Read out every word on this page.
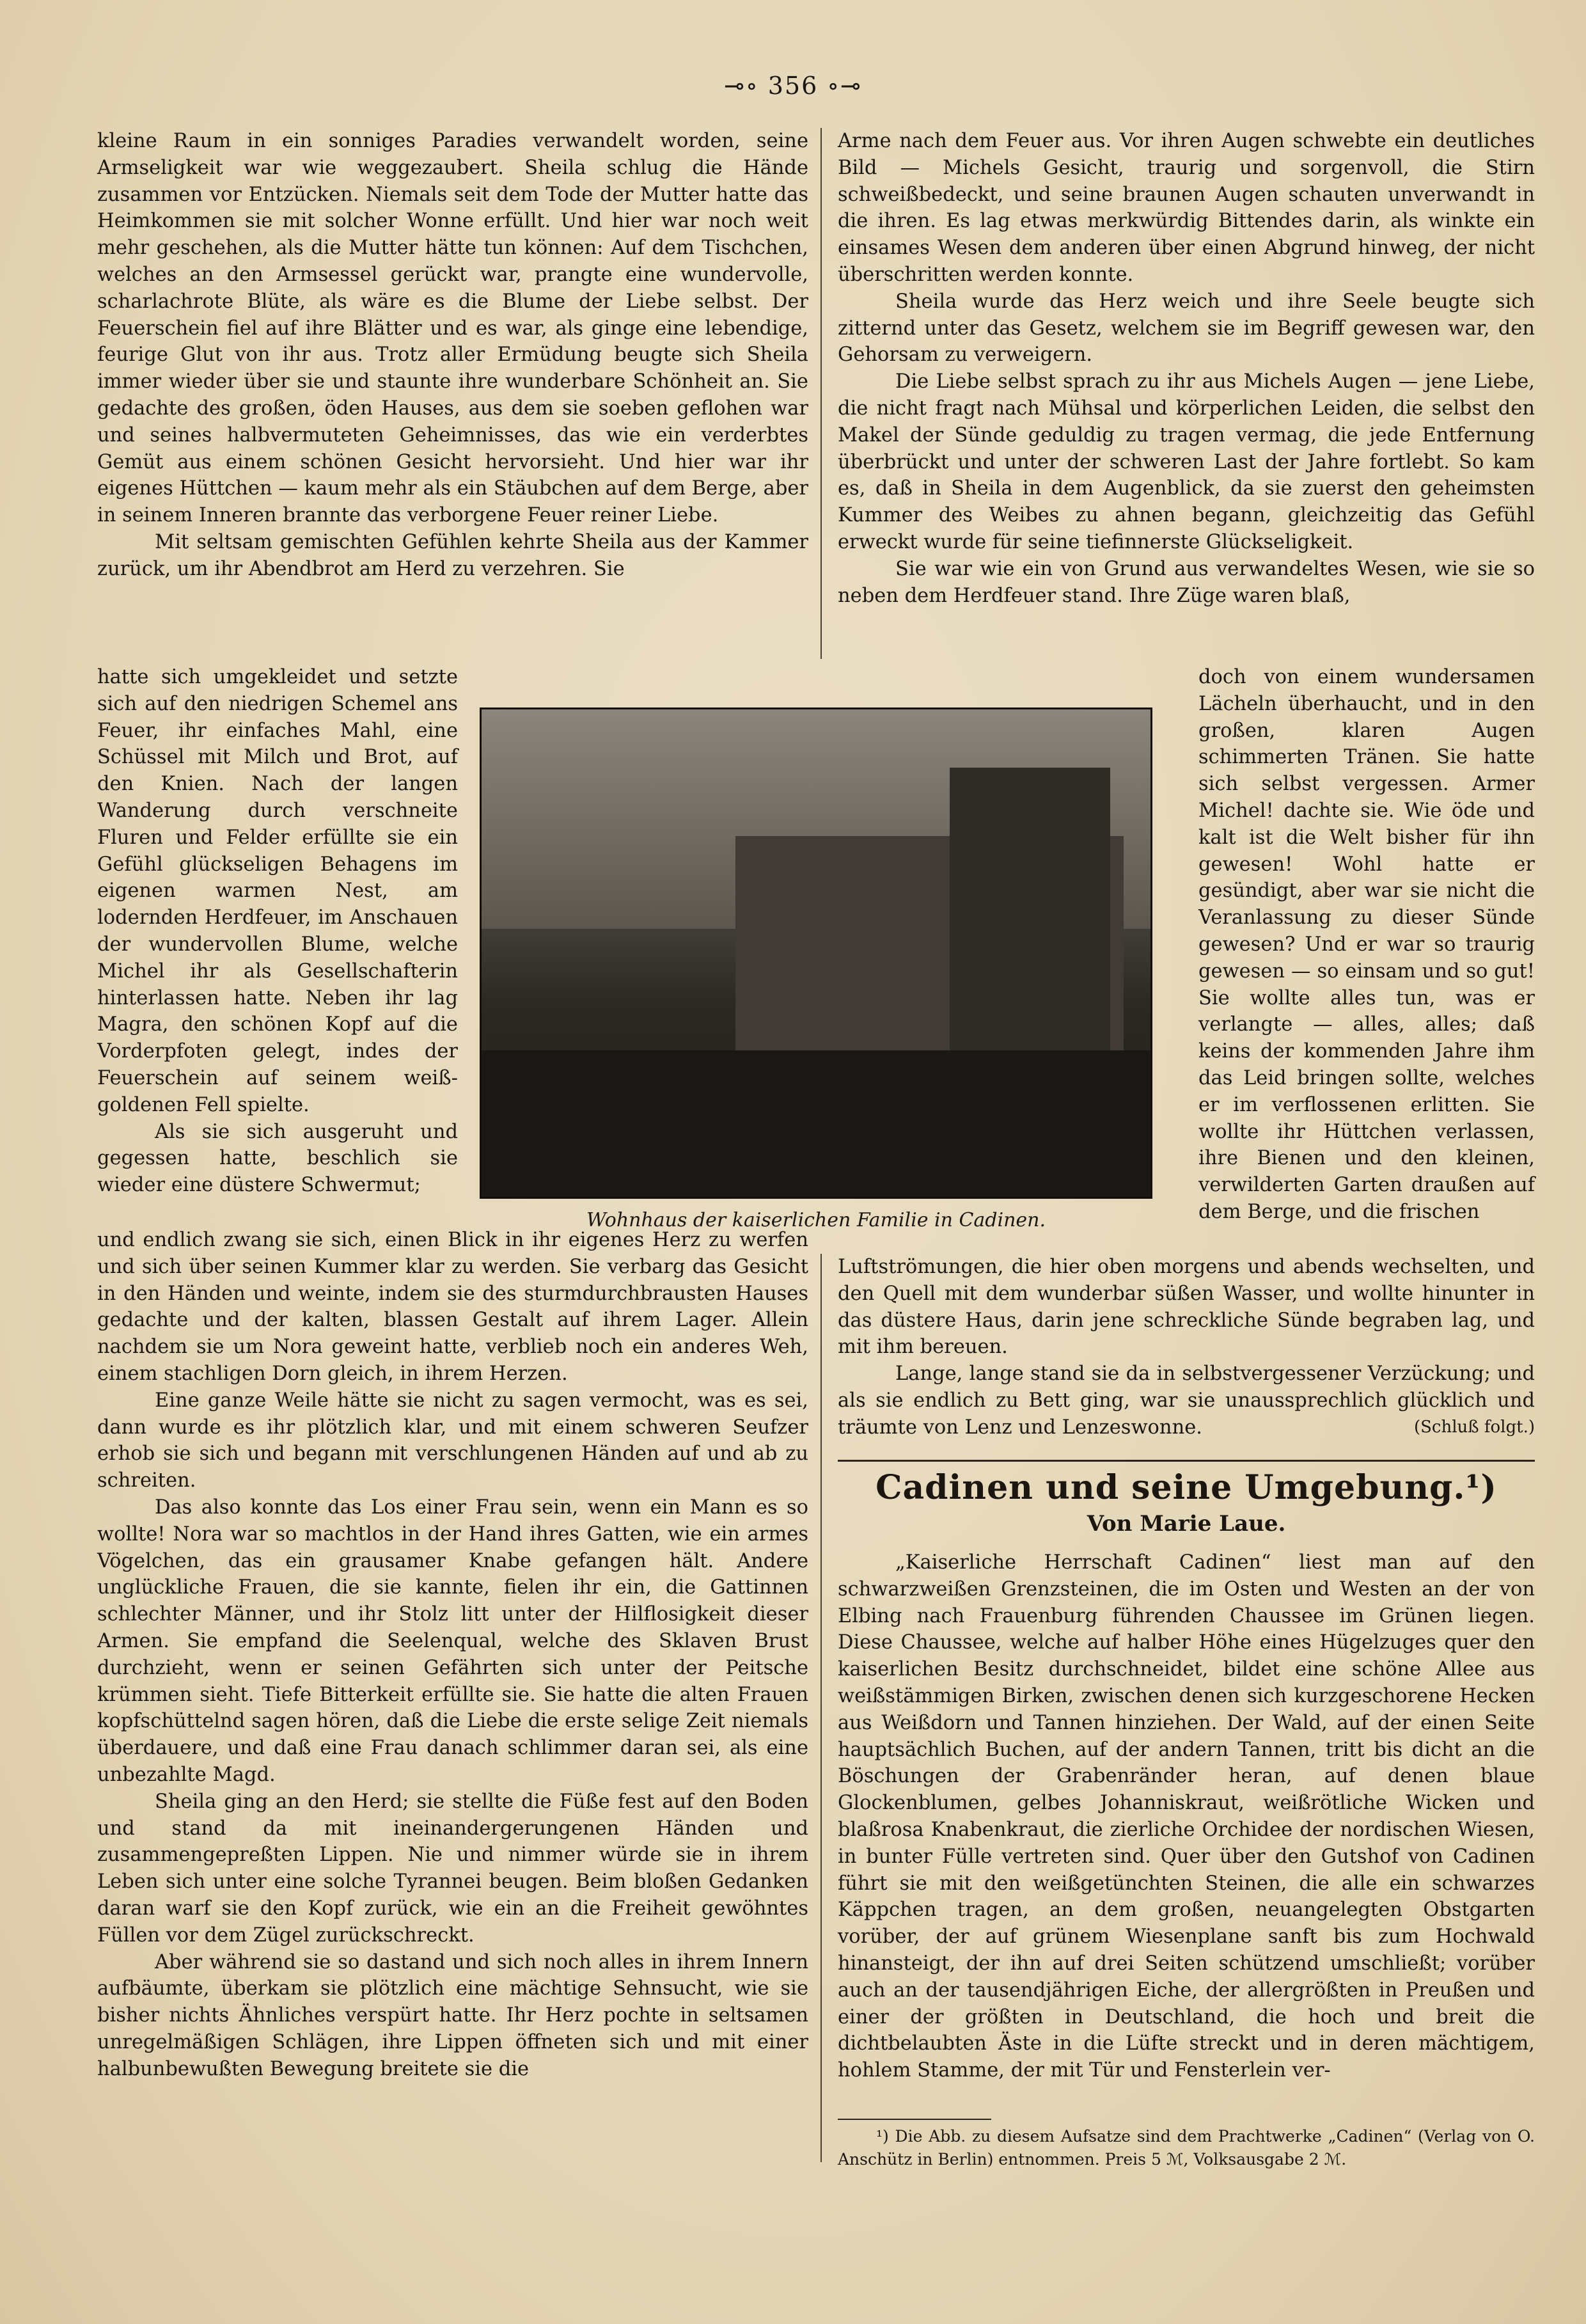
⊸∘ 356 ∘⊸

kleine Raum in ein sonniges Paradies verwandelt worden, seine Armseligkeit war wie weggezaubert. Sheila schlug die Hände zusammen vor Entzücken. Niemals seit dem Tode der Mutter hatte das Heimkommen sie mit solcher Wonne erfüllt. Und hier war noch weit mehr geschehen, als die Mutter hätte tun können: Auf dem Tischchen, welches an den Armsessel gerückt war, prangte eine wundervolle, scharlachrote Blüte, als wäre es die Blume der Liebe selbst. Der Feuerschein fiel auf ihre Blätter und es war, als ginge eine lebendige, feurige Glut von ihr aus. Trotz aller Ermüdung beugte sich Sheila immer wieder über sie und staunte ihre wunderbare Schönheit an. Sie gedachte des großen, öden Hauses, aus dem sie soeben geflohen war und seines halbvermuteten Geheimnisses, das wie ein verderbtes Gemüt aus einem schönen Gesicht hervorsieht. Und hier war ihr eigenes Hüttchen — kaum mehr als ein Stäubchen auf dem Berge, aber in seinem Inneren brannte das verborgene Feuer reiner Liebe.

Mit seltsam gemischten Gefühlen kehrte Sheila aus der Kammer zurück, um ihr Abendbrot am Herd zu verzehren. Sie

hatte sich umgekleidet und setzte sich auf den niedrigen Schemel ans Feuer, ihr einfaches Mahl, eine Schüssel mit Milch und Brot, auf den Knien. Nach der langen Wanderung durch verschneite Fluren und Felder erfüllte sie ein Gefühl glückseligen Behagens im eigenen warmen Nest, am lodernden Herdfeuer, im Anschauen der wundervollen Blume, welche Michel ihr als Gesellschafterin hinterlassen hatte. Neben ihr lag Magra, den schönen Kopf auf die Vorderpfoten gelegt, indes der Feuerschein auf seinem weiß-goldenen Fell spielte.

Als sie sich ausgeruht und gegessen hatte, beschlich sie wieder eine düstere Schwermut;

und endlich zwang sie sich, einen Blick in ihr eigenes Herz zu werfen und sich über seinen Kummer klar zu werden. Sie verbarg das Gesicht in den Händen und weinte, indem sie des sturmdurchbrausten Hauses gedachte und der kalten, blassen Gestalt auf ihrem Lager. Allein nachdem sie um Nora geweint hatte, verblieb noch ein anderes Weh, einem stachligen Dorn gleich, in ihrem Herzen.

Eine ganze Weile hätte sie nicht zu sagen vermocht, was es sei, dann wurde es ihr plötzlich klar, und mit einem schweren Seufzer erhob sie sich und begann mit verschlungenen Händen auf und ab zu schreiten.

Das also konnte das Los einer Frau sein, wenn ein Mann es so wollte! Nora war so machtlos in der Hand ihres Gatten, wie ein armes Vögelchen, das ein grausamer Knabe gefangen hält. Andere unglückliche Frauen, die sie kannte, fielen ihr ein, die Gattinnen schlechter Männer, und ihr Stolz litt unter der Hilflosigkeit dieser Armen. Sie empfand die Seelenqual, welche des Sklaven Brust durchzieht, wenn er seinen Gefährten sich unter der Peitsche krümmen sieht. Tiefe Bitterkeit erfüllte sie. Sie hatte die alten Frauen kopfschüttelnd sagen hören, daß die Liebe die erste selige Zeit niemals überdauere, und daß eine Frau danach schlimmer daran sei, als eine unbezahlte Magd.

Sheila ging an den Herd; sie stellte die Füße fest auf den Boden und stand da mit ineinandergerungenen Händen und zusammengepreßten Lippen. Nie und nimmer würde sie in ihrem Leben sich unter eine solche Tyrannei beugen. Beim bloßen Gedanken daran warf sie den Kopf zurück, wie ein an die Freiheit gewöhntes Füllen vor dem Zügel zurückschreckt.

Aber während sie so dastand und sich noch alles in ihrem Innern aufbäumte, überkam sie plötzlich eine mächtige Sehnsucht, wie sie bisher nichts Ähnliches verspürt hatte. Ihr Herz pochte in seltsamen unregelmäßigen Schlägen, ihre Lippen öffneten sich und mit einer halbunbewußten Bewegung breitete sie die

Arme nach dem Feuer aus. Vor ihren Augen schwebte ein deutliches Bild — Michels Gesicht, traurig und sorgenvoll, die Stirn schweißbedeckt, und seine braunen Augen schauten unverwandt in die ihren. Es lag etwas merkwürdig Bittendes darin, als winkte ein einsames Wesen dem anderen über einen Abgrund hinweg, der nicht überschritten werden konnte.

Sheila wurde das Herz weich und ihre Seele beugte sich zitternd unter das Gesetz, welchem sie im Begriff gewesen war, den Gehorsam zu verweigern.

Die Liebe selbst sprach zu ihr aus Michels Augen — jene Liebe, die nicht fragt nach Mühsal und körperlichen Leiden, die selbst den Makel der Sünde geduldig zu tragen vermag, die jede Entfernung überbrückt und unter der schweren Last der Jahre fortlebt. So kam es, daß in Sheila in dem Augenblick, da sie zuerst den geheimsten Kummer des Weibes zu ahnen begann, gleichzeitig das Gefühl erweckt wurde für seine tiefinnerste Glückseligkeit.

Sie war wie ein von Grund aus verwandeltes Wesen, wie sie so neben dem Herdfeuer stand. Ihre Züge waren blaß,

doch von einem wundersamen Lächeln überhaucht, und in den großen, klaren Augen schimmerten Tränen. Sie hatte sich selbst vergessen. Armer Michel! dachte sie. Wie öde und kalt ist die Welt bisher für ihn gewesen! Wohl hatte er gesündigt, aber war sie nicht die Veranlassung zu dieser Sünde gewesen? Und er war so traurig gewesen — so einsam und so gut! Sie wollte alles tun, was er verlangte — alles, alles; daß keins der kommenden Jahre ihm das Leid bringen sollte, welches er im verflossenen erlitten. Sie wollte ihr Hüttchen verlassen, ihre Bienen und den kleinen, verwilderten Garten draußen auf dem Berge, und die frischen

Wohnhaus der kaiserlichen Familie in Cadinen.

Luftströmungen, die hier oben morgens und abends wechselten, und den Quell mit dem wunderbar süßen Wasser, und wollte hinunter in das düstere Haus, darin jene schreckliche Sünde begraben lag, und mit ihm bereuen.

Lange, lange stand sie da in selbstvergessener Verzückung; und als sie endlich zu Bett ging, war sie unaussprechlich glücklich und träumte von Lenz und Lenzeswonne.	(Schluß folgt.)

Cadinen und seine Umgebung.¹)
Von Marie Laue.

„Kaiserliche Herrschaft Cadinen“ liest man auf den schwarzweißen Grenzsteinen, die im Osten und Westen an der von Elbing nach Frauenburg führenden Chaussee im Grünen liegen. Diese Chaussee, welche auf halber Höhe eines Hügelzuges quer den kaiserlichen Besitz durchschneidet, bildet eine schöne Allee aus weißstämmigen Birken, zwischen denen sich kurzgeschorene Hecken aus Weißdorn und Tannen hinziehen. Der Wald, auf der einen Seite hauptsächlich Buchen, auf der andern Tannen, tritt bis dicht an die Böschungen der Grabenränder heran, auf denen blaue Glockenblumen, gelbes Johanniskraut, weißrötliche Wicken und blaßrosa Knabenkraut, die zierliche Orchidee der nordischen Wiesen, in bunter Fülle vertreten sind. Quer über den Gutshof von Cadinen führt sie mit den weißgetünchten Steinen, die alle ein schwarzes Käppchen tragen, an dem großen, neuangelegten Obstgarten vorüber, der auf grünem Wiesenplane sanft bis zum Hochwald hinansteigt, der ihn auf drei Seiten schützend umschließt; vorüber auch an der tausendjährigen Eiche, der allergrößten in Preußen und einer der größten in Deutschland, die hoch und breit die dichtbelaubten Äste in die Lüfte streckt und in deren mächtigem, hohlem Stamme, der mit Tür und Fensterlein ver-

¹) Die Abb. zu diesem Aufsatze sind dem Prachtwerke „Cadinen“ (Verlag von O. Anschütz in Berlin) entnommen. Preis 5 ℳ, Volksausgabe 2 ℳ.
